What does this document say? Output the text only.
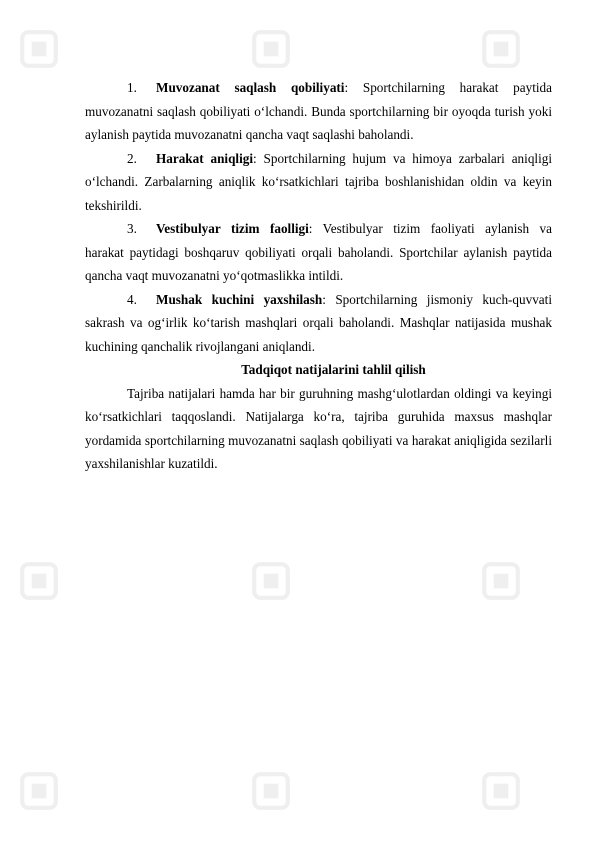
1.	Muvozanat saqlash qobiliyati: Sportchilarning harakat paytida
muvozanatni saqlash qobiliyati o‘lchandi. Bunda sportchilarning bir oyoqda turish yoki aylanish paytida muvozanatni qancha vaqt saqlashi baholandi.
2.	Harakat aniqligi: Sportchilarning hujum va himoya zarbalari aniqligi
o‘lchandi. Zarbalarning aniqlik ko‘rsatkichlari tajriba boshlanishidan oldin va keyin tekshirildi.
3.	Vestibulyar tizim faolligi: Vestibulyar tizim faoliyati aylanish va
harakat paytidagi boshqaruv qobiliyati orqali baholandi. Sportchilar aylanish paytida qancha vaqt muvozanatni yo‘qotmaslikka intildi.
4.	Mushak kuchini yaxshilash: Sportchilarning jismoniy kuch-quvvati
sakrash va og‘irlik ko‘tarish mashqlari orqali baholandi. Mashqlar natijasida mushak kuchining qanchalik rivojlangani aniqlandi.
Tadqiqot natijalarini tahlil qilish

Tajriba natijalari hamda har bir guruhning mashg‘ulotlardan oldingi va keyingi ko‘rsatkichlari taqqoslandi. Natijalarga ko‘ra, tajriba guruhida maxsus mashqlar yordamida sportchilarning muvozanatni saqlash qobiliyati va harakat aniqligida sezilarli yaxshilanishlar kuzatildi.
